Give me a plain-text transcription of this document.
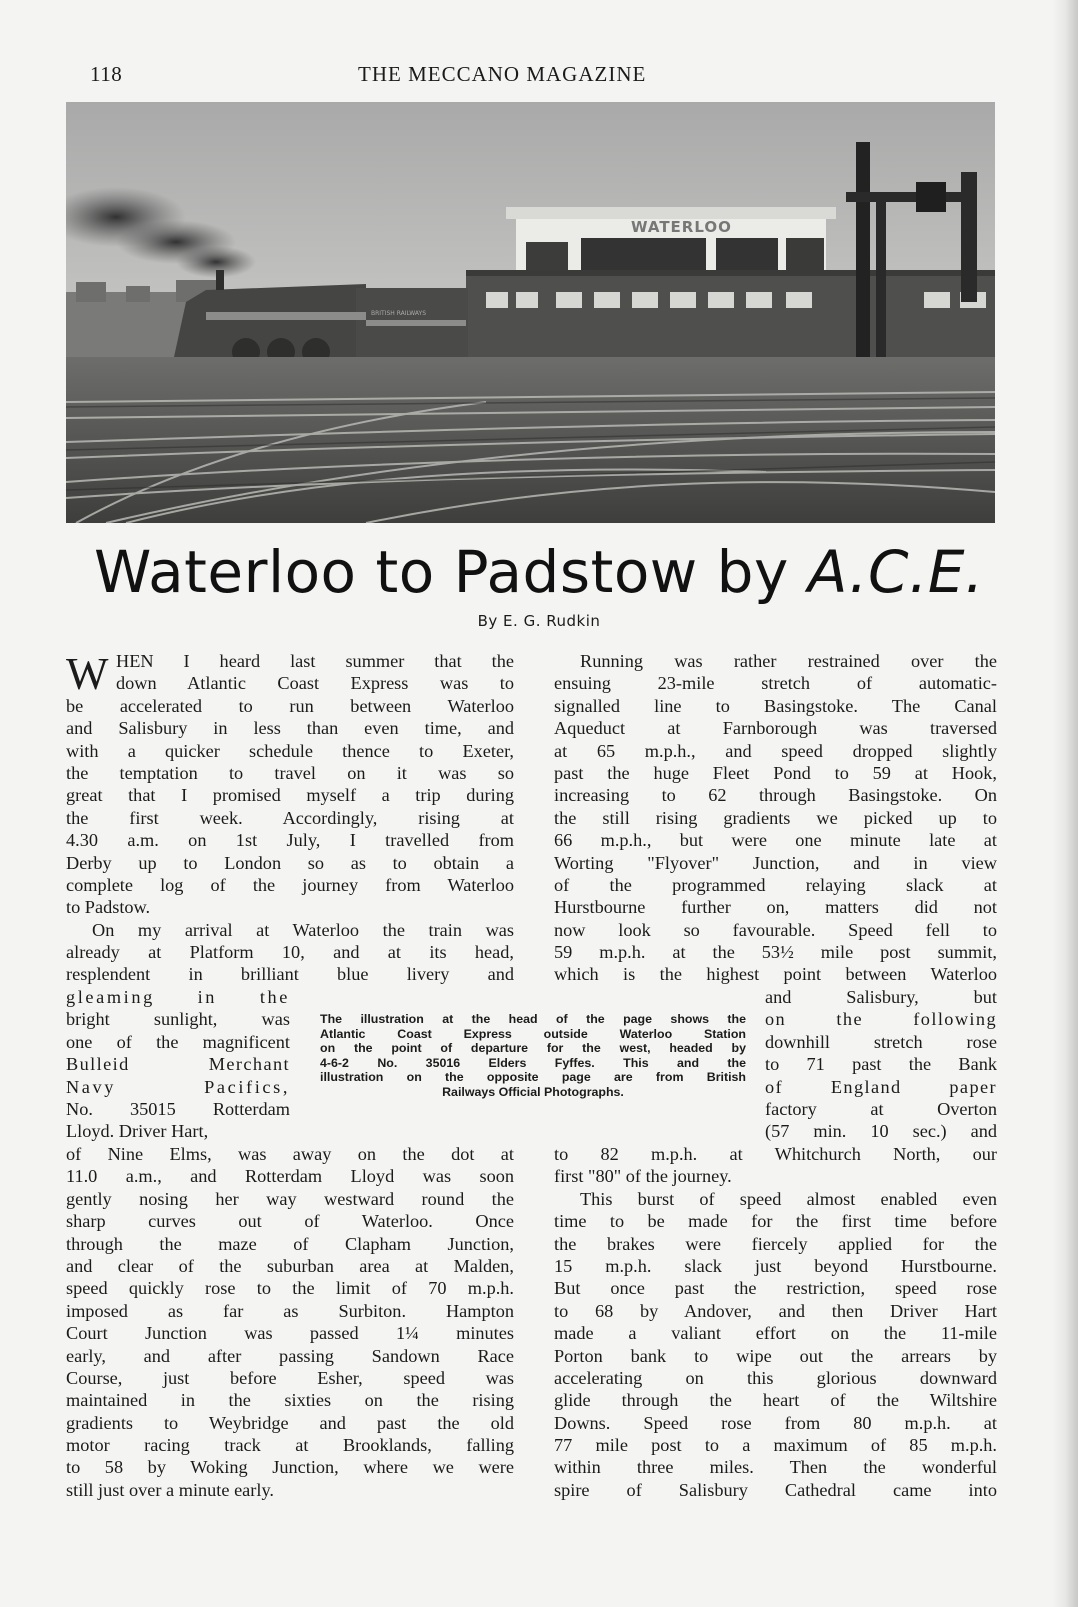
118	THE MECCANO MAGAZINE
WATERLOO
BRITISH RAILWAYS
Waterloo to Padstow by A.C.E.
By E. G. Rudkin
W HEN I heard last summer that the
down Atlantic Coast Express was to
be accelerated to run between Waterloo
and Salisbury in less than even time, and
with a quicker schedule thence to Exeter,
the temptation to travel on it was so
great that I promised myself a trip during
the first week. Accordingly, rising at
4.30 a.m. on 1st July, I travelled from
Derby up to London so as to obtain a
complete log of the journey from Waterloo
to Padstow.
On my arrival at Waterloo the train was
already at Platform 10, and at its head,
resplendent in brilliant blue livery and
gleaming in the
bright sunlight, was
one of the magnificent
Bulleid Merchant
Navy Pacifics,
No. 35015 Rotterdam
Lloyd. Driver Hart,
of Nine Elms, was away on the dot at
11.0 a.m., and Rotterdam Lloyd was soon
gently nosing her way westward round the
sharp curves out of Waterloo. Once
through the maze of Clapham Junction,
and clear of the suburban area at Malden,
speed quickly rose to the limit of 70 m.p.h.
imposed as far as Surbiton. Hampton
Court Junction was passed 1¼ minutes
early, and after passing Sandown Race
Course, just before Esher, speed was
maintained in the sixties on the rising
gradients to Weybridge and past the old
motor racing track at Brooklands, falling
to 58 by Woking Junction, where we were
still just over a minute early.
Running was rather restrained over the
ensuing 23-mile stretch of automatic-
signalled line to Basingstoke. The Canal
Aqueduct at Farnborough was traversed
at 65 m.p.h., and speed dropped slightly
past the huge Fleet Pond to 59 at Hook,
increasing to 62 through Basingstoke. On
the still rising gradients we picked up to
66 m.p.h., but were one minute late at
Worting "Flyover" Junction, and in view
of the programmed relaying slack at
Hurstbourne further on, matters did not
now look so favourable. Speed fell to
59 m.p.h. at the 53½ mile post summit,
which is the highest point between Waterloo
and Salisbury, but
on the following
downhill stretch rose
to 71 past the Bank
of England paper
factory at Overton
(57 min. 10 sec.) and
to 82 m.p.h. at Whitchurch North, our
first "80" of the journey.
This burst of speed almost enabled even
time to be made for the first time before
the brakes were fiercely applied for the
15 m.p.h. slack just beyond Hurstbourne.
But once past the restriction, speed rose
to 68 by Andover, and then Driver Hart
made a valiant effort on the 11-mile
Porton bank to wipe out the arrears by
accelerating on this glorious downward
glide through the heart of the Wiltshire
Downs. Speed rose from 80 m.p.h. at
77 mile post to a maximum of 85 m.p.h.
within three miles. Then the wonderful
spire of Salisbury Cathedral came into
The illustration at the head of the page shows the
Atlantic Coast Express outside Waterloo Station
on the point of departure for the west, headed by
4-6-2 No. 35016 Elders Fyffes. This and the
illustration on the opposite page are from British
Railways Official Photographs.
